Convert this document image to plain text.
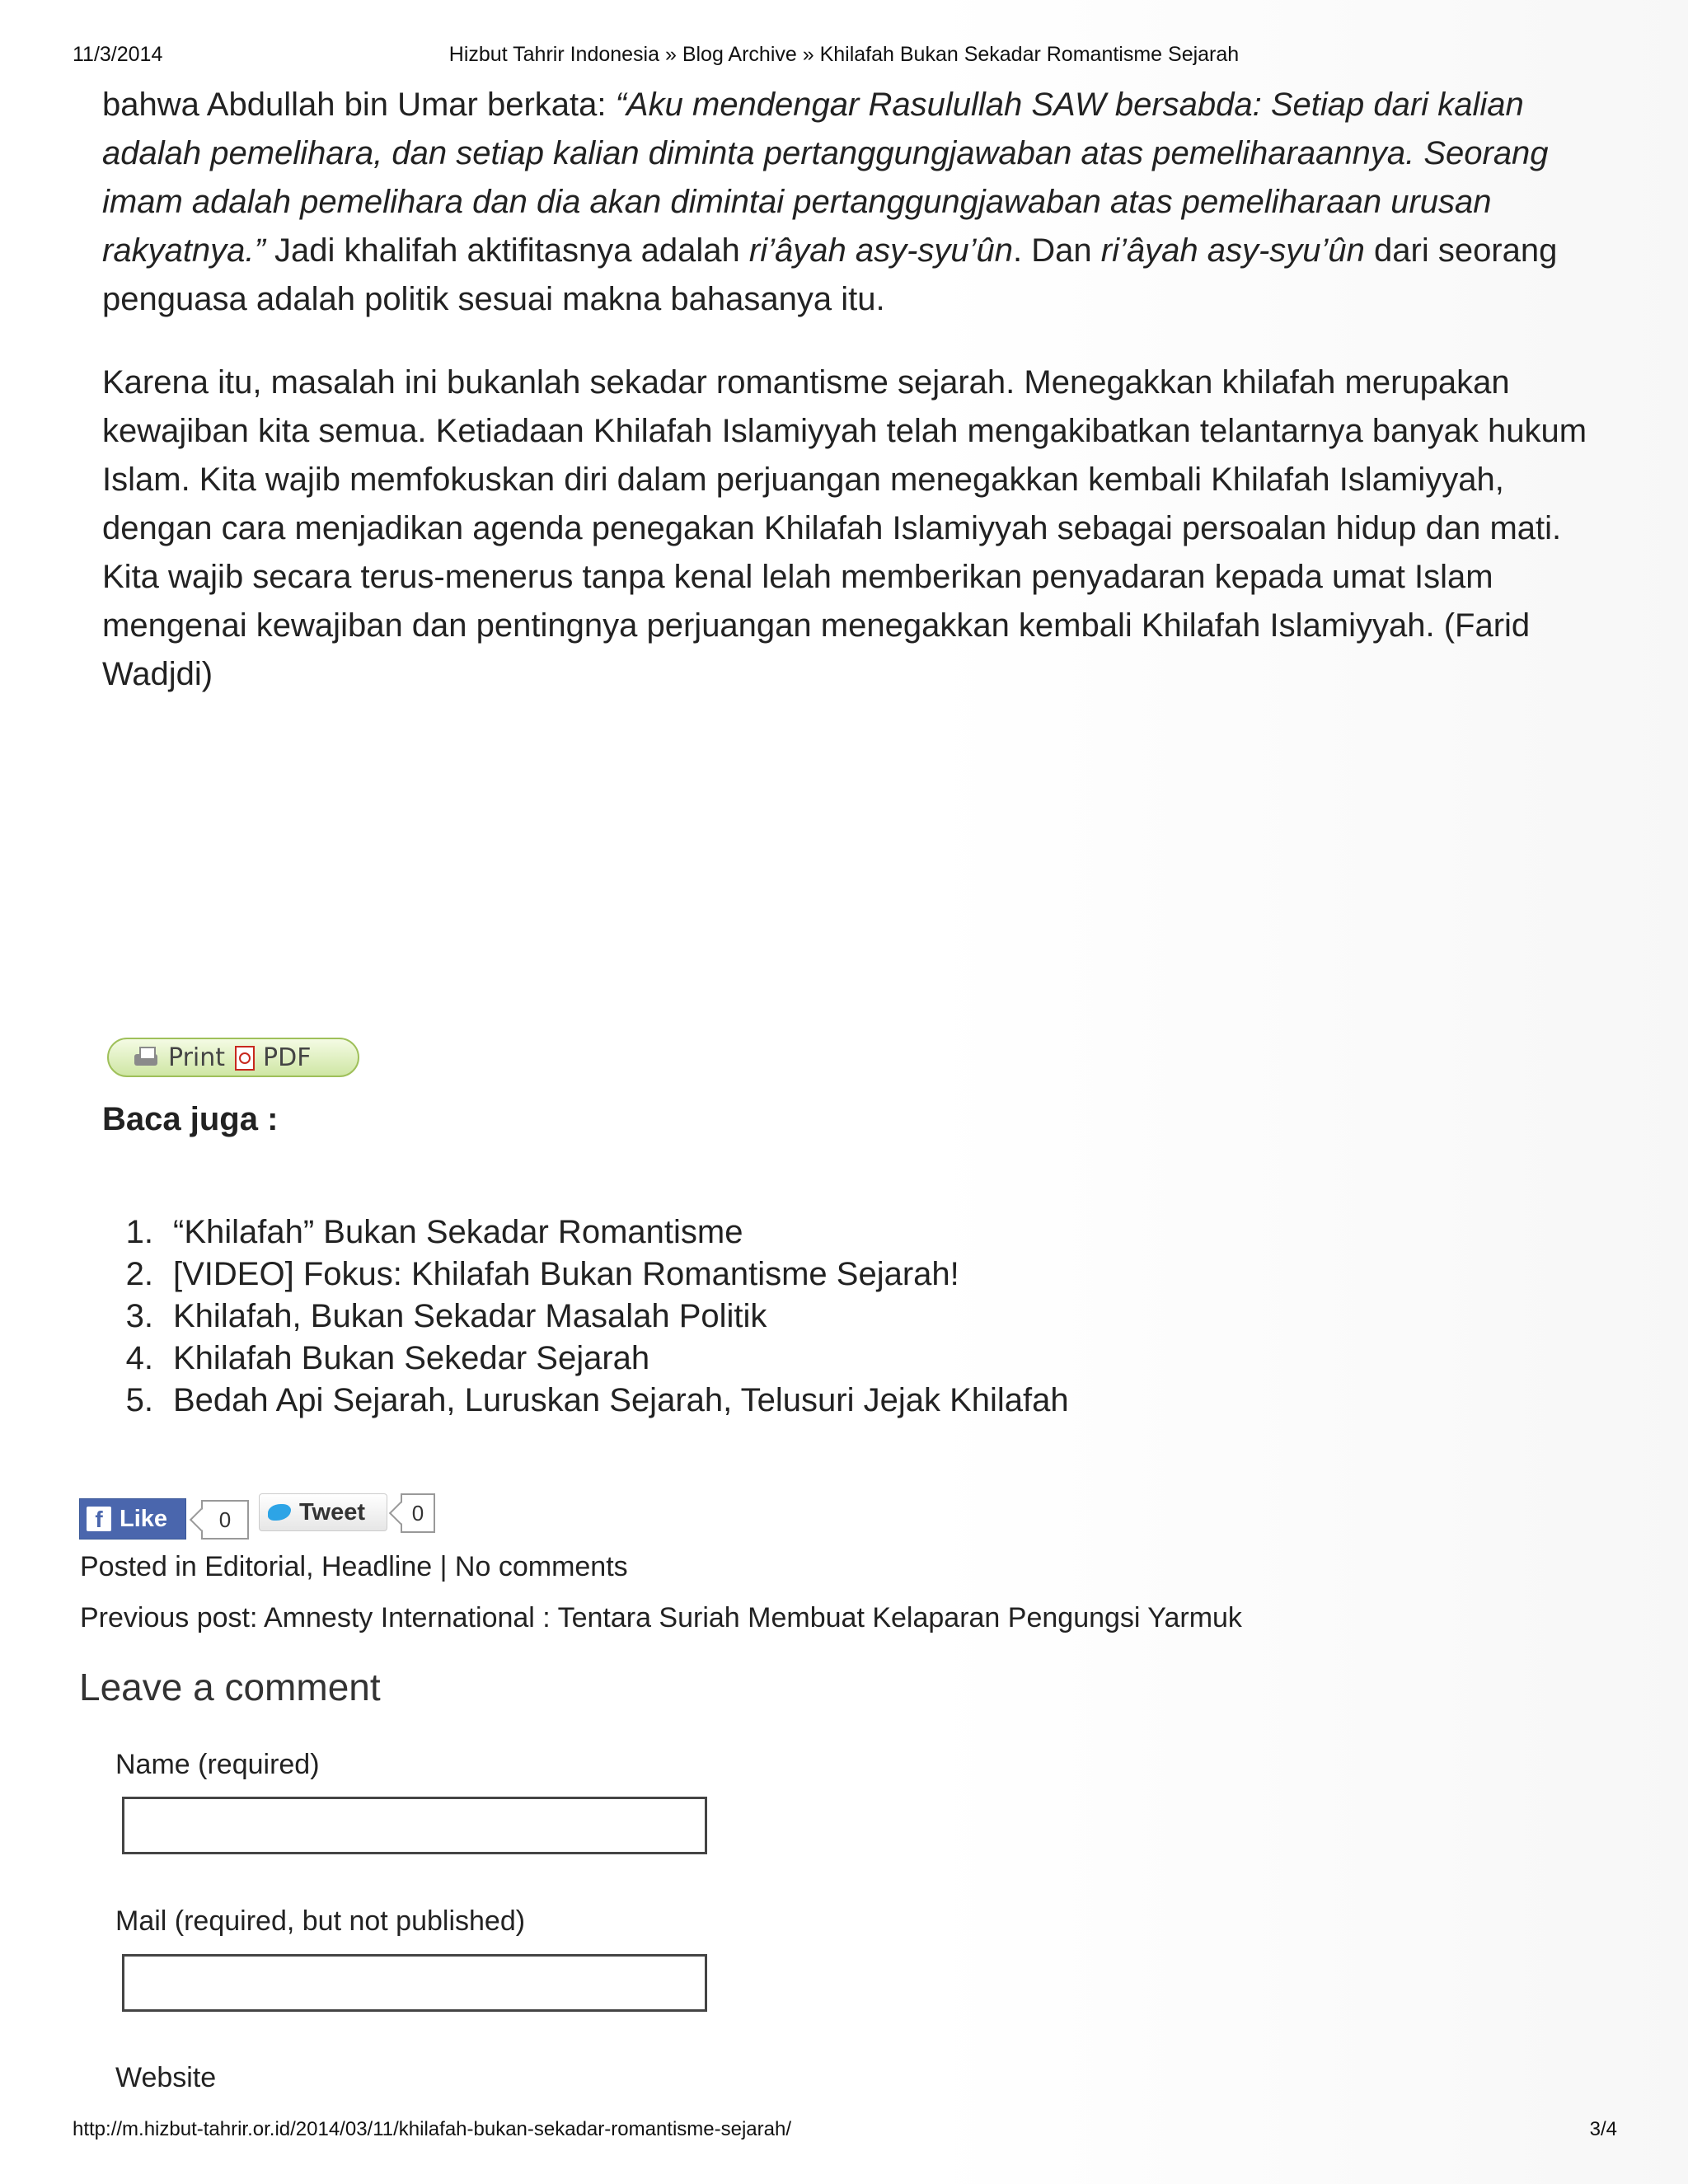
11/3/2014	Hizbut Tahrir Indonesia » Blog Archive » Khilafah Bukan Sekadar Romantisme Sejarah

bahwa Abdullah bin Umar berkata: “Aku mendengar Rasulullah SAW bersabda: Setiap dari kalian adalah pemelihara, dan setiap kalian diminta pertanggungjawaban atas pemeliharaannya. Seorang imam adalah pemelihara dan dia akan dimintai pertanggungjawaban atas pemeliharaan urusan rakyatnya.” Jadi khalifah aktifitasnya adalah ri’âyah asy-syu’ûn. Dan ri’âyah asy-syu’ûn dari seorang penguasa adalah politik sesuai makna bahasanya itu.

Karena itu, masalah ini bukanlah sekadar romantisme sejarah. Menegakkan khilafah merupakan kewajiban kita semua. Ketiadaan Khilafah Islamiyyah telah mengakibatkan telantarnya banyak hukum Islam. Kita wajib memfokuskan diri dalam perjuangan menegakkan kembali Khilafah Islamiyyah, dengan cara menjadikan agenda penegakan Khilafah Islamiyyah sebagai persoalan hidup dan mati. Kita wajib secara terus-menerus tanpa kenal lelah memberikan penyadaran kepada umat Islam mengenai kewajiban dan pentingnya perjuangan menegakkan kembali Khilafah Islamiyyah. (Farid Wadjdi)

Print PDF
Baca juga :
1. “Khilafah” Bukan Sekadar Romantisme
2. [VIDEO] Fokus: Khilafah Bukan Romantisme Sejarah!
3. Khilafah, Bukan Sekadar Masalah Politik
4. Khilafah Bukan Sekedar Sejarah
5. Bedah Api Sejarah, Luruskan Sejarah, Telusuri Jejak Khilafah
f Like	0	Tweet	0
Posted in Editorial, Headline | No comments
Previous post: Amnesty International : Tentara Suriah Membuat Kelaparan Pengungsi Yarmuk
Leave a comment
Name (required)
Mail (required, but not published)
Website
http://m.hizbut-tahrir.or.id/2014/03/11/khilafah-bukan-sekadar-romantisme-sejarah/	3/4
